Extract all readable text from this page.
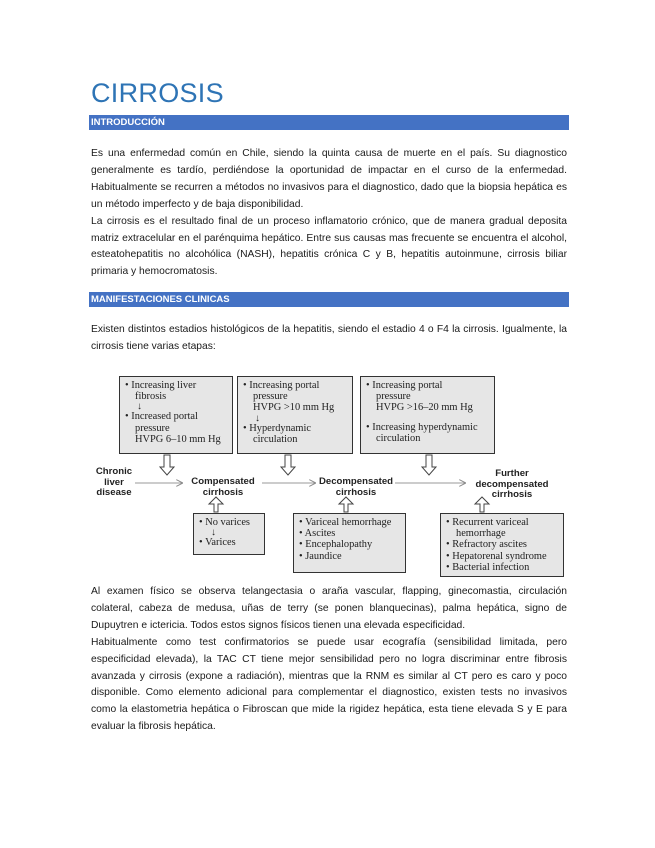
CIRROSIS
INTRODUCCIÓN

Es una enfermedad común en Chile, siendo la quinta causa de muerte en el país. Su diagnostico generalmente es tardío, perdiéndose la oportunidad de impactar en el curso de la enfermedad. Habitualmente se recurren a métodos no invasivos para el diagnostico, dado que la biopsia hepática es un método imperfecto y de baja disponibilidad.

La cirrosis es el resultado final de un proceso inflamatorio crónico, que de manera gradual deposita matriz extracelular en el parénquima hepático. Entre sus causas mas frecuente se encuentra el alcohol, esteatohepatitis no alcohólica (NASH), hepatitis crónica C y B, hepatitis autoinmune, cirrosis biliar primaria y hemocromatosis.

MANIFESTACIONES CLINICAS

Existen distintos estadios histológicos de la hepatitis, siendo el estadio 4 o F4 la cirrosis. Igualmente, la cirrosis tiene varias etapas:

• Increasing liver
fibrosis
↓
• Increased portal
pressure
HVPG 6–10 mm Hg
• Increasing portal
pressure
HVPG >10 mm Hg
↓
• Hyperdynamic
circulation
• Increasing portal
pressure
HVPG >16–20 mm Hg
• Increasing hyperdynamic
circulation
Chronic
liver
disease
Compensated
cirrhosis
Decompensated
cirrhosis
Further
decompensated
cirrhosis
• No varices
↓
• Varices
• Variceal hemorrhage
• Ascites
• Encephalopathy
• Jaundice
• Recurrent variceal
hemorrhage
• Refractory ascites
• Hepatorenal syndrome
• Bacterial infection

Al examen físico se observa telangectasia o araña vascular, flapping, ginecomastia, circulación colateral, cabeza de medusa, uñas de terry (se ponen blanquecinas), palma hepática, signo de Dupuytren e ictericia. Todos estos signos físicos tienen una elevada especificidad.

Habitualmente como test confirmatorios se puede usar ecografía (sensibilidad limitada, pero especificidad elevada), la TAC CT tiene mejor sensibilidad pero no logra discriminar entre fibrosis avanzada y cirrosis (expone a radiación), mientras que la RNM es similar al CT pero es caro y poco disponible. Como elemento adicional para complementar el diagnostico, existen tests no invasivos como la elastometria hepática o Fibroscan que mide la rigidez hepática, esta tiene elevada S y E para evaluar la fibrosis hepática.
